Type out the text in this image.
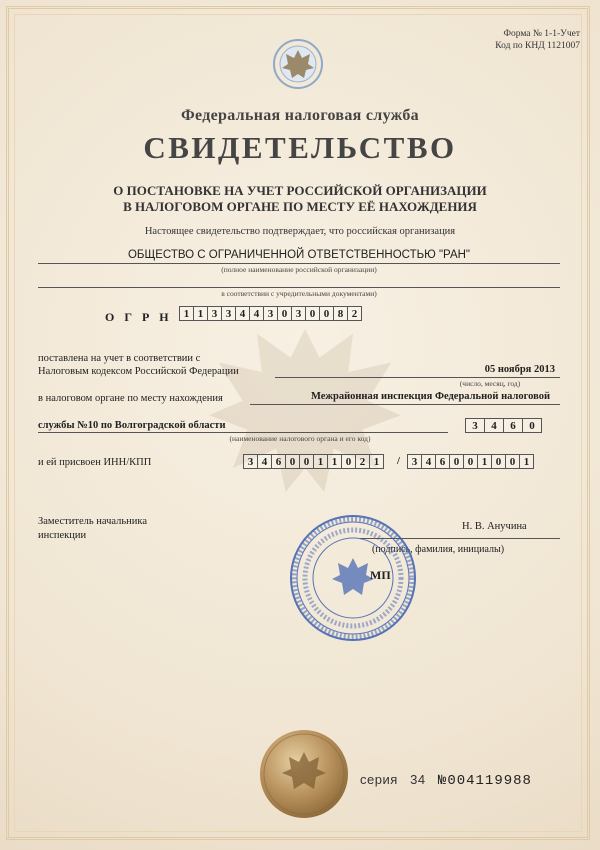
Форма № 1-1-Учет
Код по КНД 1121007
Федеральная налоговая служба
СВИДЕТЕЛЬСТВО
О ПОСТАНОВКЕ НА УЧЕТ РОССИЙСКОЙ ОРГАНИЗАЦИИ
В НАЛОГОВОМ ОРГАНЕ ПО МЕСТУ ЕЁ НАХОЖДЕНИЯ
Настоящее свидетельство подтверждает, что российская организация
ОБЩЕСТВО С ОГРАНИЧЕННОЙ ОТВЕТСТВЕННОСТЬЮ "РАН"
(полное наименование российской организации)
в соответствии с учредительными документами)
ОГРН 1 1 3 3 4 4 3 0 3 0 0 8 2
поставлена на учет в соответствии с
Налоговым кодексом Российской Федерации	05 ноября 2013
(число, месяц, год)
в налоговом органе по месту нахождения	Межрайонная инспекция Федеральной налоговой
службы №10 по Волгоградской области	3	4	6	0
(наименование налогового органа и его код)
и ей присвоен ИНН/КПП	3 4 6 0 0 1 1 0 2 1	/	3 4 6 0 0 1 0 0 1
Заместитель начальника
инспекции
Н. В. Анучина
(подпись, фамилия, инициалы)
МП
серия 34 №004119988
